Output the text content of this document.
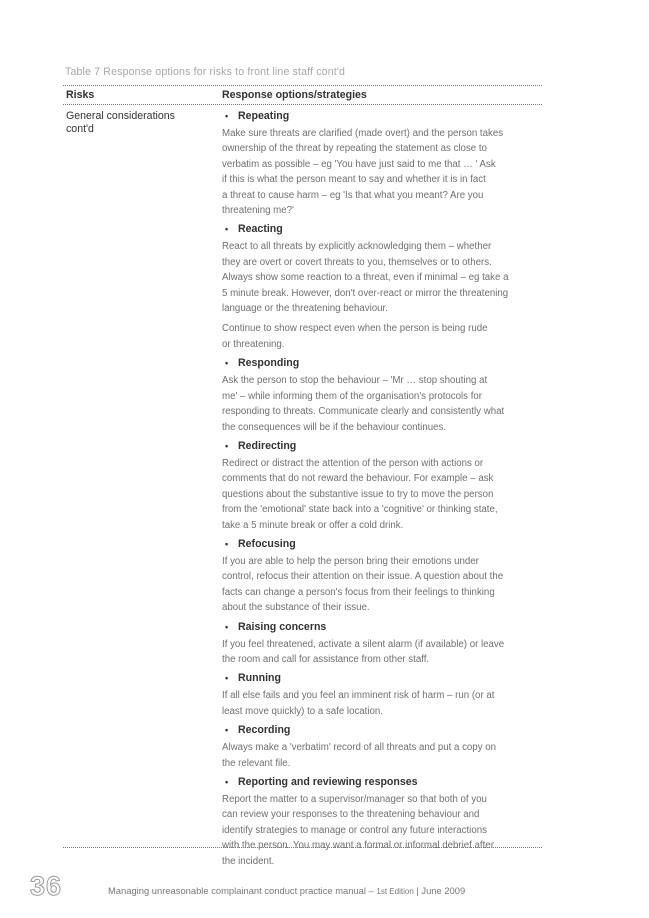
Table 7 Response options for risks to front line staff cont'd
Risks	Response options/strategies
General considerations
cont'd
• Repeating
Make sure threats are clarified (made overt) and the person takes
ownership of the threat by repeating the statement as close to
verbatim as possible – eg 'You have just said to me that … ' Ask
if this is what the person meant to say and whether it is in fact
a threat to cause harm – eg 'Is that what you meant? Are you
threatening me?'
• Reacting
React to all threats by explicitly acknowledging them – whether
they are overt or covert threats to you, themselves or to others.
Always show some reaction to a threat, even if minimal – eg take a
5 minute break. However, don't over-react or mirror the threatening
language or the threatening behaviour.
Continue to show respect even when the person is being rude
or threatening.
• Responding
Ask the person to stop the behaviour – 'Mr … stop shouting at
me' – while informing them of the organisation's protocols for
responding to threats. Communicate clearly and consistently what
the consequences will be if the behaviour continues.
• Redirecting
Redirect or distract the attention of the person with actions or
comments that do not reward the behaviour. For example – ask
questions about the substantive issue to try to move the person
from the 'emotional' state back into a 'cognitive' or thinking state,
take a 5 minute break or offer a cold drink.
• Refocusing
If you are able to help the person bring their emotions under
control, refocus their attention on their issue. A question about the
facts can change a person's focus from their feelings to thinking
about the substance of their issue.
• Raising concerns
If you feel threatened, activate a silent alarm (if available) or leave
the room and call for assistance from other staff.
• Running
If all else fails and you feel an imminent risk of harm – run (or at
least move quickly) to a safe location.
• Recording
Always make a 'verbatim' record of all threats and put a copy on
the relevant file.
• Reporting and reviewing responses
Report the matter to a supervisor/manager so that both of you
can review your responses to the threatening behaviour and
identify strategies to manage or control any future interactions
with the person. You may want a formal or informal debrief after
the incident.
36	Managing unreasonable complainant conduct practice manual – 1st Edition | June 2009
